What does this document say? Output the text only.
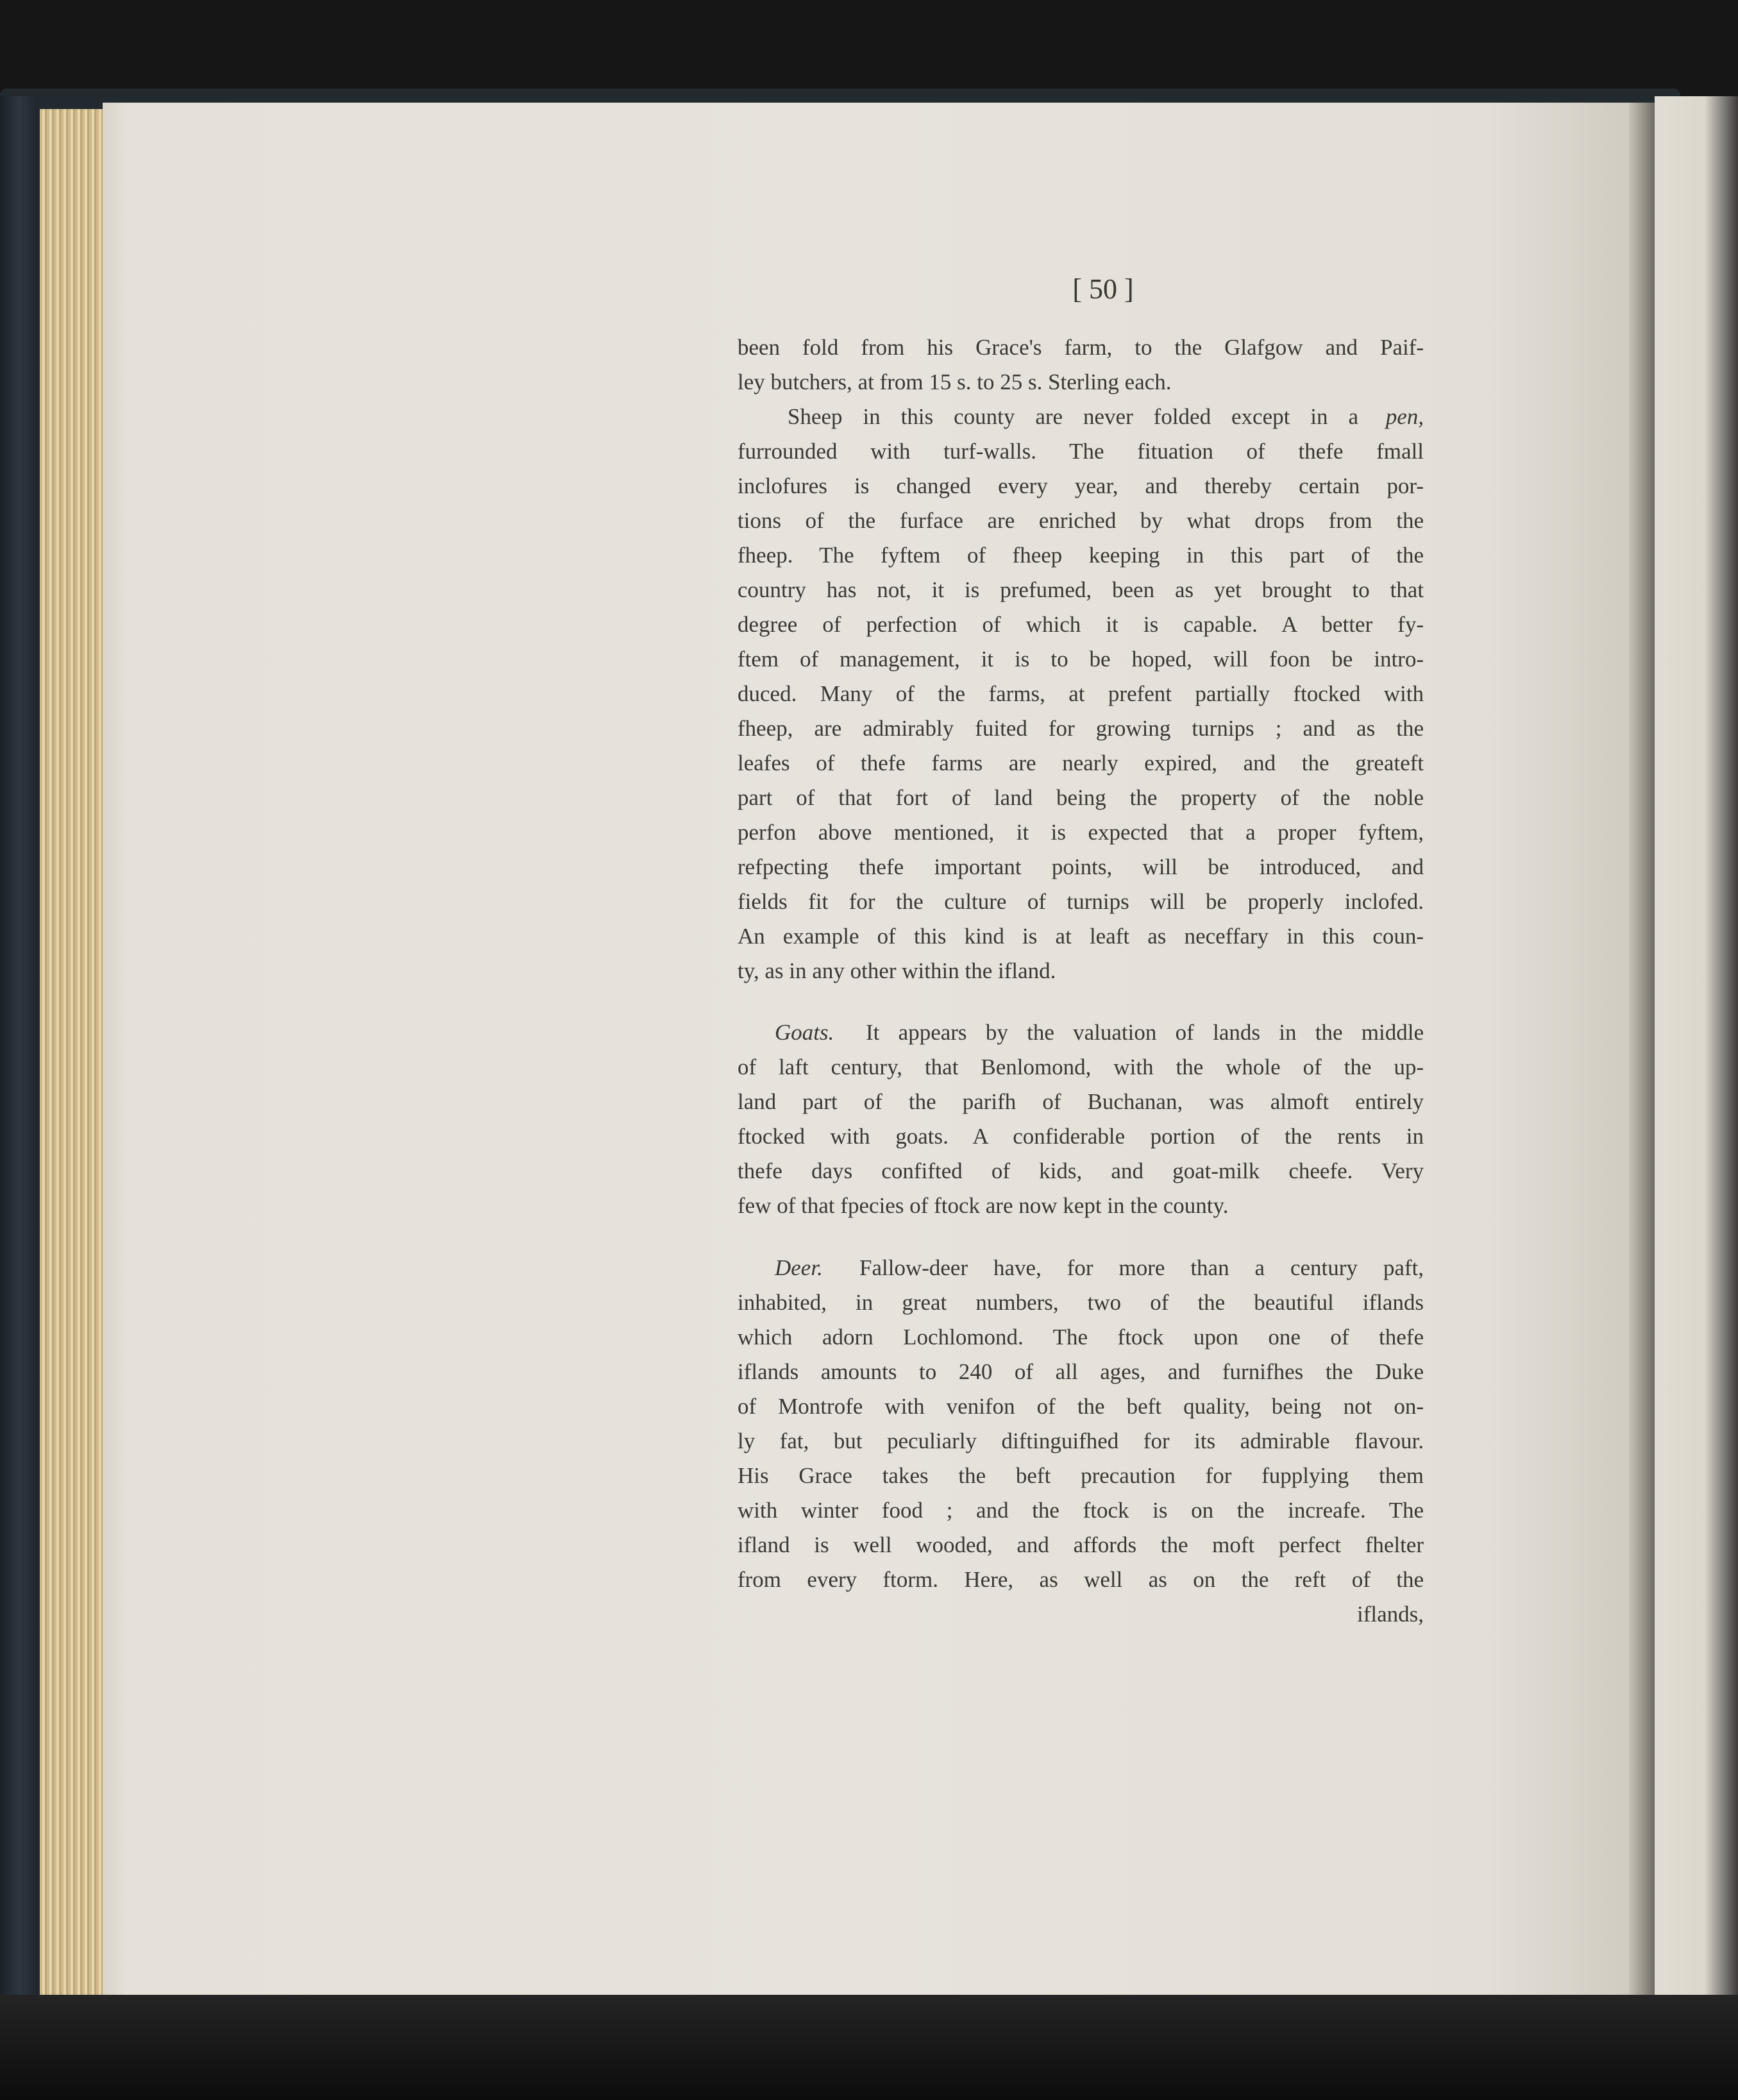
[ 50 ]
been fold from his Grace's farm, to the Glafgow and Paif-
ley butchers, at from 15 s. to 25 s. Sterling each.
Sheep in this county are never folded except in a	pen,
furrounded with turf-walls. The fituation of thefe fmall
inclofures is changed every year, and thereby certain por-
tions of the furface are enriched by what drops from the
fheep. The fyftem of fheep keeping in this part of the
country has not, it is prefumed, been as yet brought to that
degree of perfection of which it is capable. A better fy-
ftem of management, it is to be hoped, will foon be intro-
duced. Many of the farms, at prefent partially ftocked with
fheep, are admirably fuited for growing turnips ; and as the
leafes of thefe farms are nearly expired, and the greateft
part of that fort of land being the property of the noble
perfon above mentioned, it is expected that a proper fyftem,
refpecting thefe important points, will be introduced, and
fields fit for the culture of turnips will be properly inclofed.
An example of this kind is at leaft as neceffary in this coun-
ty, as in any other within the ifland.
Goats. It appears by the valuation of lands in the middle
of laft century, that Benlomond, with the whole of the up-
land part of the parifh of Buchanan, was almoft entirely
ftocked with goats. A confiderable portion of the rents in
thefe days confifted of kids, and goat-milk cheefe. Very
few of that fpecies of ftock are now kept in the county.
Deer. Fallow-deer have, for more than a century paft,
inhabited, in great numbers, two of the beautiful iflands
which adorn Lochlomond. The ftock upon one of thefe
iflands amounts to 240 of all ages, and furnifhes the Duke
of Montrofe with venifon of the beft quality, being not on-
ly fat, but peculiarly diftinguifhed for its admirable flavour.
His Grace takes the beft precaution for fupplying them
with winter food ; and the ftock is on the increafe. The
ifland is well wooded, and affords the moft perfect fhelter
from every ftorm. Here, as well as on the reft of the
iflands,
